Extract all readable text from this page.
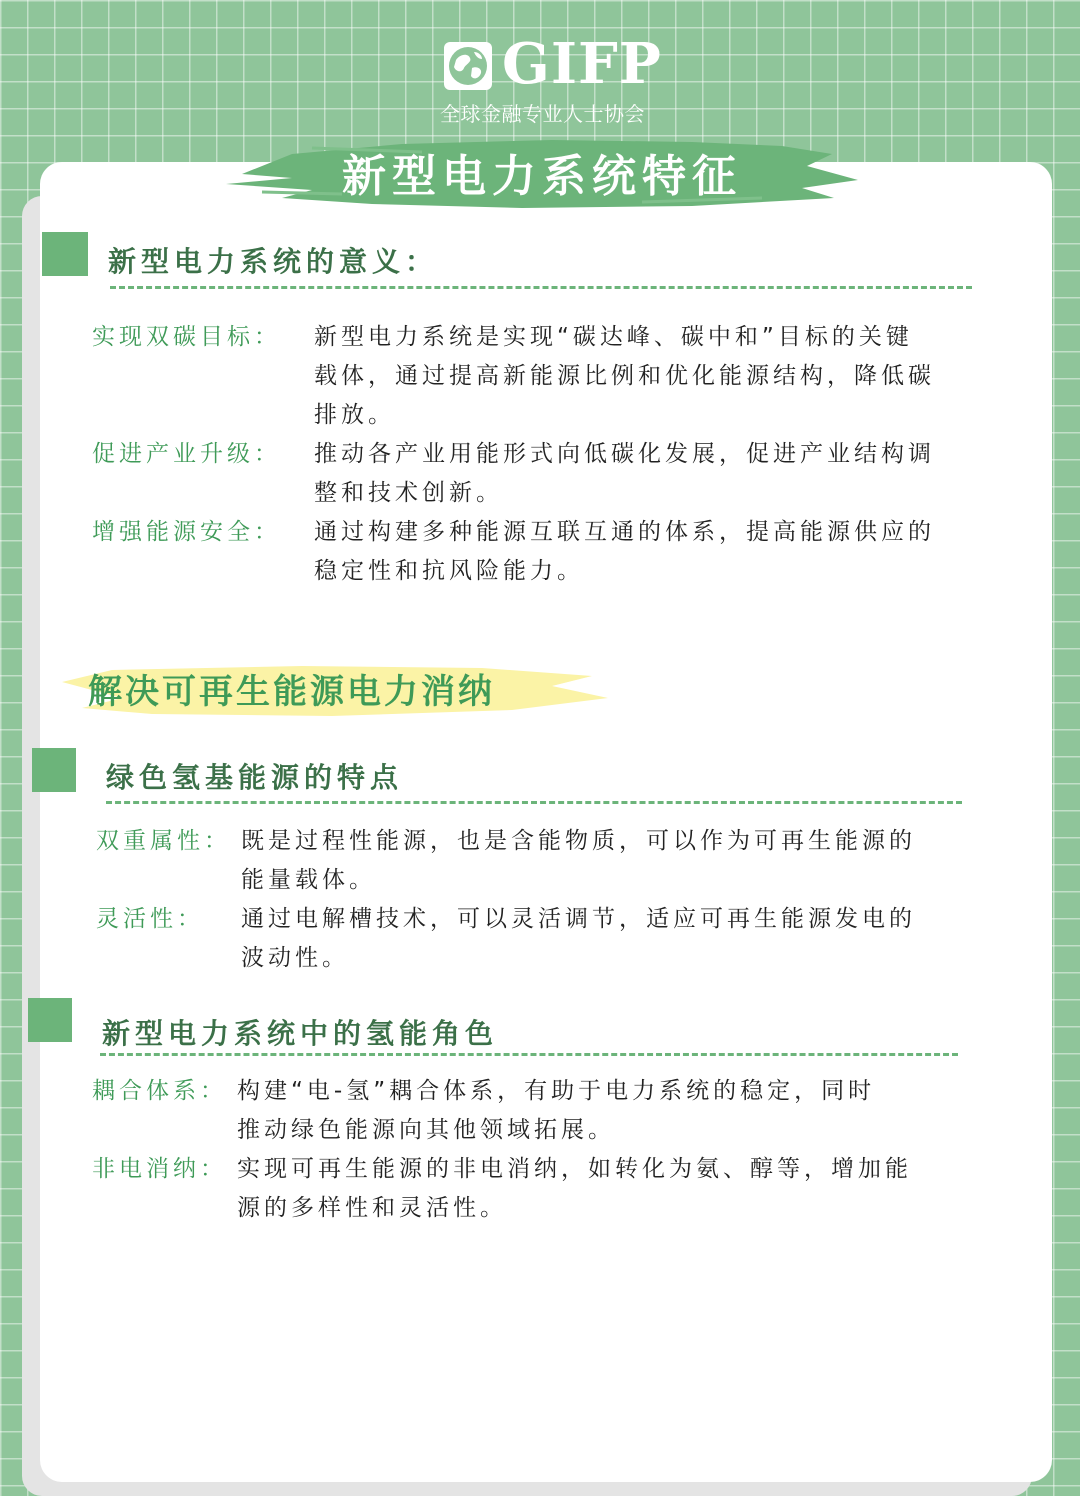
GIFP
全球金融专业人士协会
新型电力系统特征
新型电力系统的意义：
实现双碳目标： 新型电力系统是实现“碳达峰、碳中和”目标的关键
载体，通过提高新能源比例和优化能源结构，降低碳
排放。
促进产业升级： 推动各产业用能形式向低碳化发展，促进产业结构调
整和技术创新。
增强能源安全： 通过构建多种能源互联互通的体系，提高能源供应的
稳定性和抗风险能力。
解决可再生能源电力消纳
绿色氢基能源的特点
双重属性： 既是过程性能源，也是含能物质，可以作为可再生能源的
能量载体。
灵活性： 通过电解槽技术，可以灵活调节，适应可再生能源发电的
波动性。
新型电力系统中的氢能角色
耦合体系： 构建“电-氢”耦合体系，有助于电力系统的稳定，同时
推动绿色能源向其他领域拓展。
非电消纳： 实现可再生能源的非电消纳，如转化为氨、醇等，增加能
源的多样性和灵活性。
